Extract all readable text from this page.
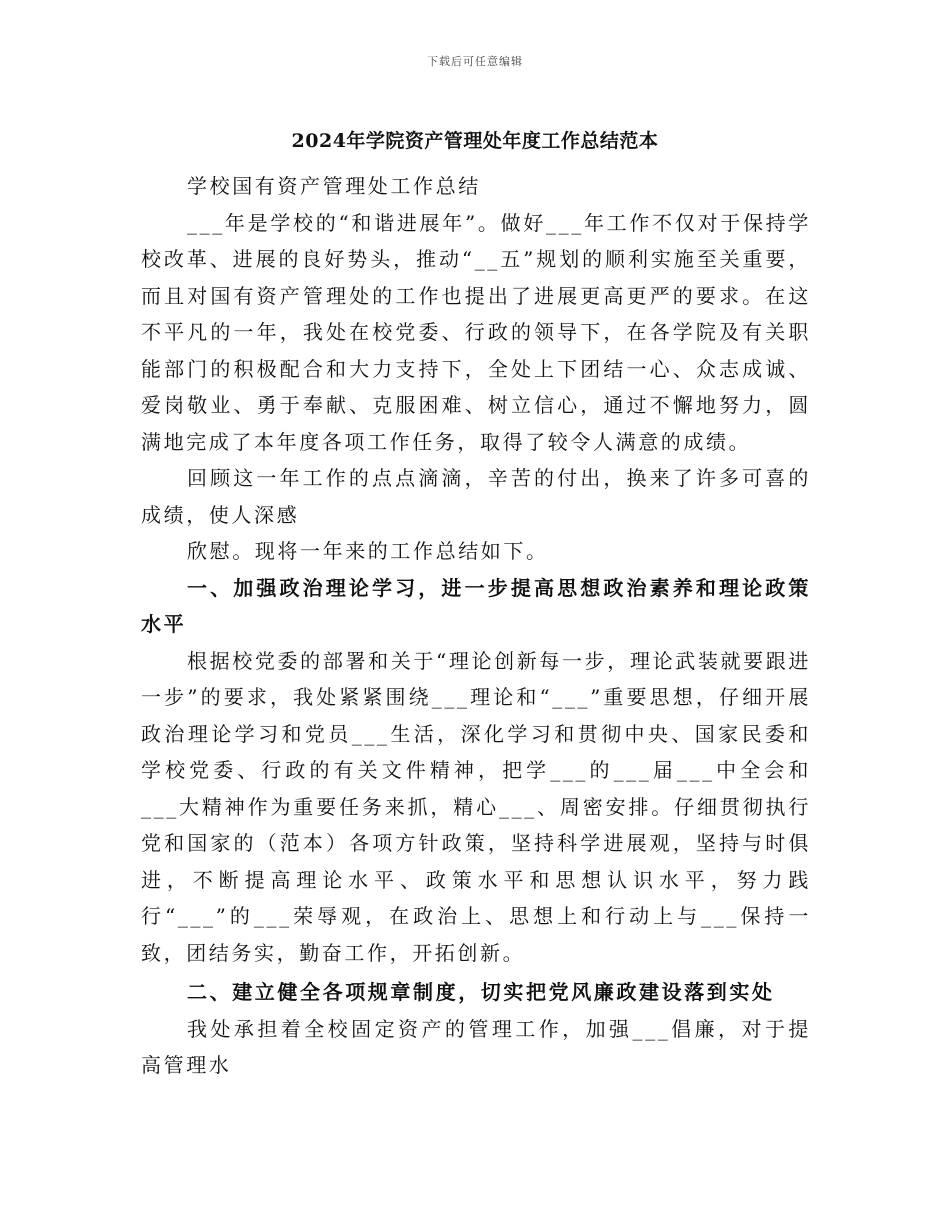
下载后可任意编辑
2024年学院资产管理处年度工作总结范本

学校国有资产管理处工作总结

___年是学校的“和谐进展年”。做好___年工作不仅对于保持学校改革、进展的良好势头，推动“__五”规划的顺利实施至关重要，而且对国有资产管理处的工作也提出了进展更高更严的要求。在这不平凡的一年，我处在校党委、行政的领导下，在各学院及有关职能部门的积极配合和大力支持下，全处上下团结一心、众志成诚、爱岗敬业、勇于奉献、克服困难、树立信心，通过不懈地努力，圆满地完成了本年度各项工作任务，取得了较令人满意的成绩。

回顾这一年工作的点点滴滴，辛苦的付出，换来了许多可喜的成绩，使人深感

欣慰。现将一年来的工作总结如下。

一、加强政治理论学习，进一步提高思想政治素养和理论政策水平

根据校党委的部署和关于“理论创新每一步，理论武装就要跟进一步”的要求，我处紧紧围绕___理论和“___”重要思想，仔细开展政治理论学习和党员___生活，深化学习和贯彻中央、国家民委和学校党委、行政的有关文件精神，把学___的___届___中全会和___大精神作为重要任务来抓，精心___、周密安排。仔细贯彻执行党和国家的（范本）各项方针政策，坚持科学进展观，坚持与时俱进，不断提高理论水平、政策水平和思想认识水平，努力践行“___”的___荣辱观，在政治上、思想上和行动上与___保持一致，团结务实，勤奋工作，开拓创新。

二、建立健全各项规章制度，切实把党风廉政建设落到实处

我处承担着全校固定资产的管理工作，加强___倡廉，对于提高管理水
